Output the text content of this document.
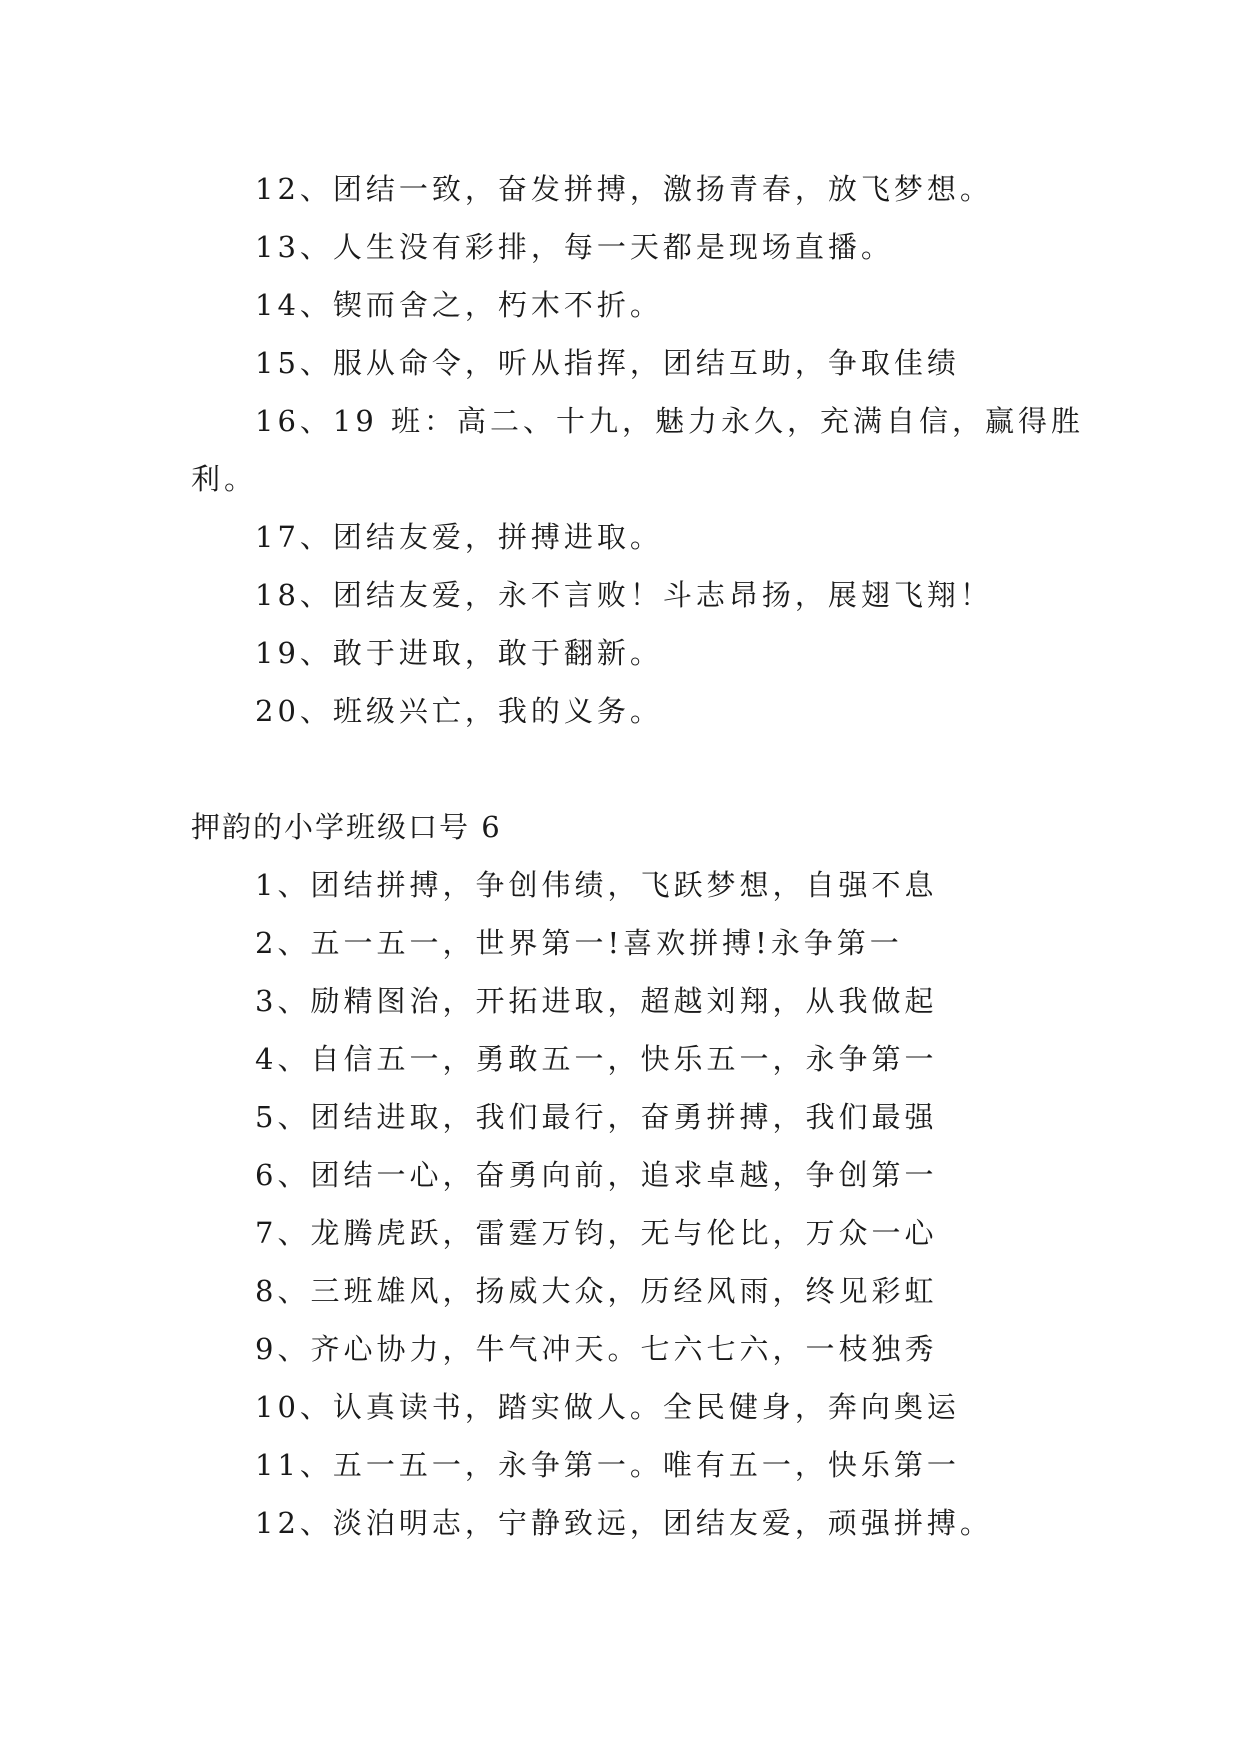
12、团结一致，奋发拼搏，激扬青春，放飞梦想。
13、人生没有彩排，每一天都是现场直播。
14、锲而舍之，朽木不折。
15、服从命令，听从指挥，团结互助，争取佳绩
16、19 班：高二、十九，魅力永久，充满自信，赢得胜
利。
17、团结友爱，拼搏进取。
18、团结友爱，永不言败！斗志昂扬，展翅飞翔！
19、敢于进取，敢于翻新。
20、班级兴亡，我的义务。
押韵的小学班级口号 6
1、团结拼搏，争创伟绩，飞跃梦想，自强不息
2、五一五一，世界第一!喜欢拼搏!永争第一
3、励精图治，开拓进取，超越刘翔，从我做起
4、自信五一，勇敢五一，快乐五一，永争第一
5、团结进取，我们最行，奋勇拼搏，我们最强
6、团结一心，奋勇向前，追求卓越，争创第一
7、龙腾虎跃，雷霆万钧，无与伦比，万众一心
8、三班雄风，扬威大众，历经风雨，终见彩虹
9、齐心协力，牛气冲天。七六七六，一枝独秀
10、认真读书，踏实做人。全民健身，奔向奥运
11、五一五一，永争第一。唯有五一，快乐第一
12、淡泊明志，宁静致远，团结友爱，顽强拼搏。
